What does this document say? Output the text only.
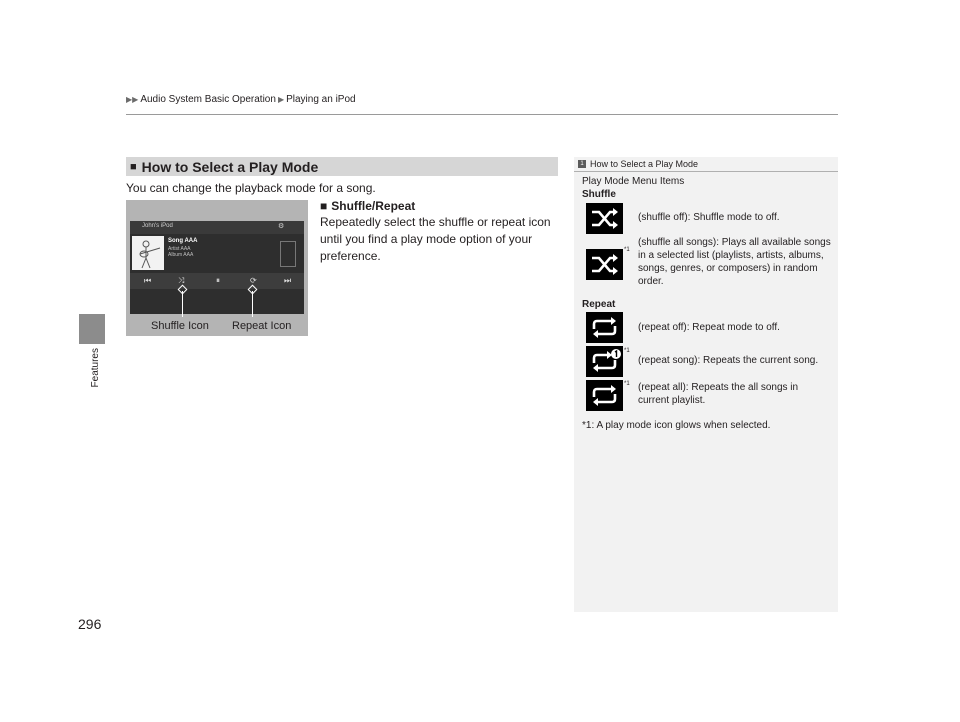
▶▶ Audio System Basic Operation ▶ Playing an iPod
Features
296
■ How to Select a Play Mode
You can change the playback mode for a song.
■ Shuffle/Repeat
Repeatedly select the shuffle or repeat icon until you find a play mode option of your preference.
John's iPod	⚙
Song AAA
Artist AAA
Album AAA
⏮	⤨	⏸	⟳	⏭
Shuffle Icon Repeat Icon
1 How to Select a Play Mode
Play Mode Menu Items
Shuffle
(shuffle off): Shuffle mode to off.
*1
(shuffle all songs): Plays all available songs in a selected list (playlists, artists, albums, songs, genres, or composers) in random order.
Repeat
(repeat off): Repeat mode to off.
*1
(repeat song): Repeats the current song.
*1 (repeat all): Repeats the all songs in current playlist.
*1: A play mode icon glows when selected.
